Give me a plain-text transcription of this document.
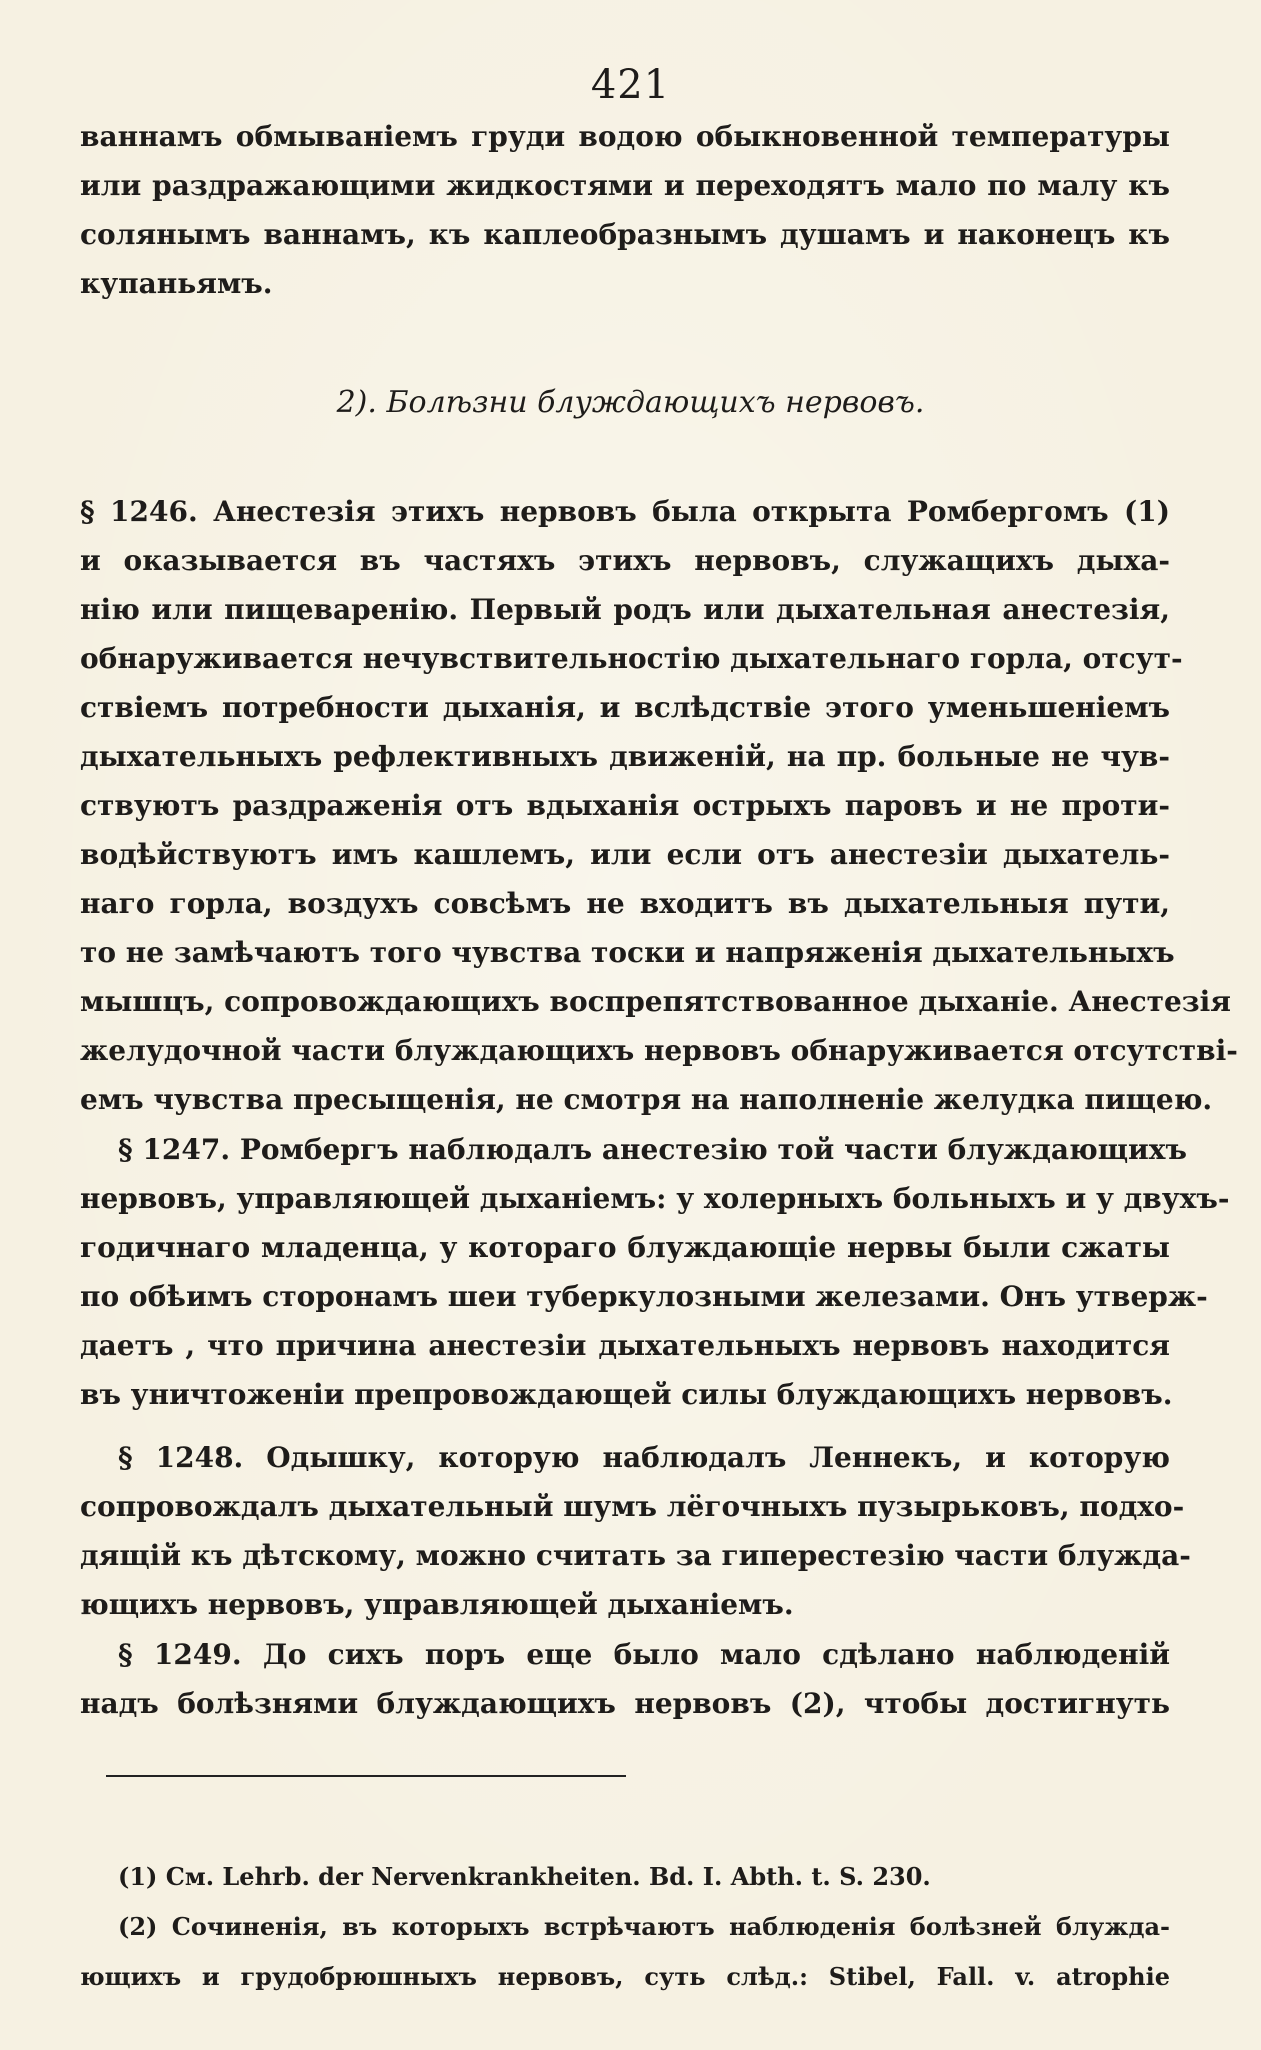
421
ваннамъ обмыванiемъ груди водою обыкновенной температуры
или раздражающими жидкостями и переходятъ мало по малу къ
солянымъ ваннамъ, къ каплеобразнымъ душамъ и наконецъ къ
купаньямъ.
2). Болѣзни блуждающихъ нервовъ.
§ 1246. Анестезiя этихъ нервовъ была открыта Ромбергомъ (1)
и оказывается въ частяхъ этихъ нервовъ, служащихъ дыха-
нiю или пищеваренiю. Первый родъ или дыхательная анестезiя,
обнаруживается нечувствительностiю дыхательнаго горла, отсут-
ствiемъ потребности дыханiя, и вслѣдствiе этого уменьшенiемъ
дыхательныхъ рефлективныхъ движенiй, на пр. больные не чув-
ствуютъ раздраженiя отъ вдыханiя острыхъ паровъ и не проти-
водѣйствуютъ имъ кашлемъ, или если отъ анестезiи дыхатель-
наго горла, воздухъ совсѣмъ не входитъ въ дыхательныя пути,
то не замѣчаютъ того чувства тоски и напряженiя дыхательныхъ
мышцъ, сопровождающихъ воспрепятствованное дыханiе. Анестезiя
желудочной части блуждающихъ нервовъ обнаруживается отсутствi-
емъ чувства пресыщенiя, не смотря на наполненiе желудка пищею.
§ 1247. Ромбергъ наблюдалъ анестезiю той части блуждающихъ
нервовъ, управляющей дыханiемъ: у холерныхъ больныхъ и у двухъ-
годичнаго младенца, у котораго блуждающiе нервы были сжаты
по обѣимъ сторонамъ шеи туберкулозными железами. Онъ утверж-
даетъ , что причина анестезiи дыхательныхъ нервовъ находится
въ уничтоженiи препровождающей силы блуждающихъ нервовъ.
§ 1248. Одышку, которую наблюдалъ Леннекъ, и которую
сопровождалъ дыхательный шумъ лёгочныхъ пузырьковъ, подхо-
дящiй къ дѣтскому, можно считать за гиперестезiю части блужда-
ющихъ нервовъ, управляющей дыханiемъ.
§ 1249. До сихъ поръ еще было мало сдѣлано наблюденiй
надъ болѣзнями блуждающихъ нервовъ (2), чтобы достигнуть
(1) См. Lehrb. der Nervenkrankheiten. Bd. I. Abth. t. S. 230.
(2) Сочиненiя, въ которыхъ встрѣчаютъ наблюденiя болѣзней блужда-
ющихъ и грудобрюшныхъ нервовъ, суть слѣд.: Stibel, Fall. v. atrophie
